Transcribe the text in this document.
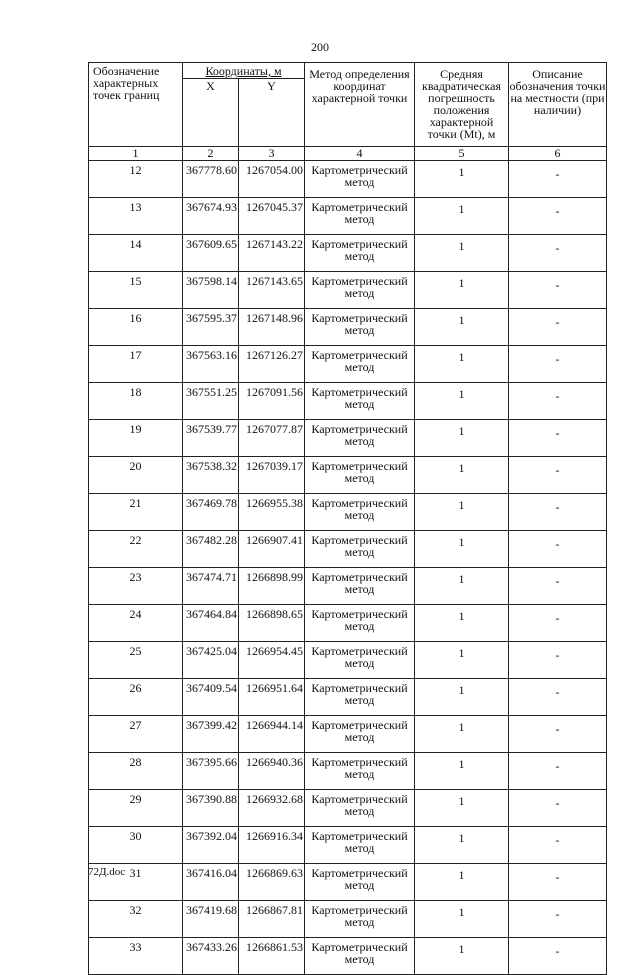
200
Обозначение характерных точек границ	Координаты, м		Метод определения координат характерной точки	Средняя квадратическая погрешность положения характерной точки (Mt), м	Описание обозначения точки на местности (при наличии)
	X	Y			
1	2	3	4	5	6
12	367778.60	1267054.00	Картометрический метод	1	-
13	367674.93	1267045.37	Картометрический метод	1	-
14	367609.65	1267143.22	Картометрический метод	1	-
15	367598.14	1267143.65	Картометрический метод	1	-
16	367595.37	1267148.96	Картометрический метод	1	-
17	367563.16	1267126.27	Картометрический метод	1	-
18	367551.25	1267091.56	Картометрический метод	1	-
19	367539.77	1267077.87	Картометрический метод	1	-
20	367538.32	1267039.17	Картометрический метод	1	-
21	367469.78	1266955.38	Картометрический метод	1	-
22	367482.28	1266907.41	Картометрический метод	1	-
23	367474.71	1266898.99	Картометрический метод	1	-
24	367464.84	1266898.65	Картометрический метод	1	-
25	367425.04	1266954.45	Картометрический метод	1	-
26	367409.54	1266951.64	Картометрический метод	1	-
27	367399.42	1266944.14	Картометрический метод	1	-
28	367395.66	1266940.36	Картометрический метод	1	-
29	367390.88	1266932.68	Картометрический метод	1	-
30	367392.04	1266916.34	Картометрический метод	1	-
31	367416.04	1266869.63	Картометрический метод	1	-
32	367419.68	1266867.81	Картометрический метод	1	-
33	367433.26	1266861.53	Картометрический метод	1	-
72Д.doc
